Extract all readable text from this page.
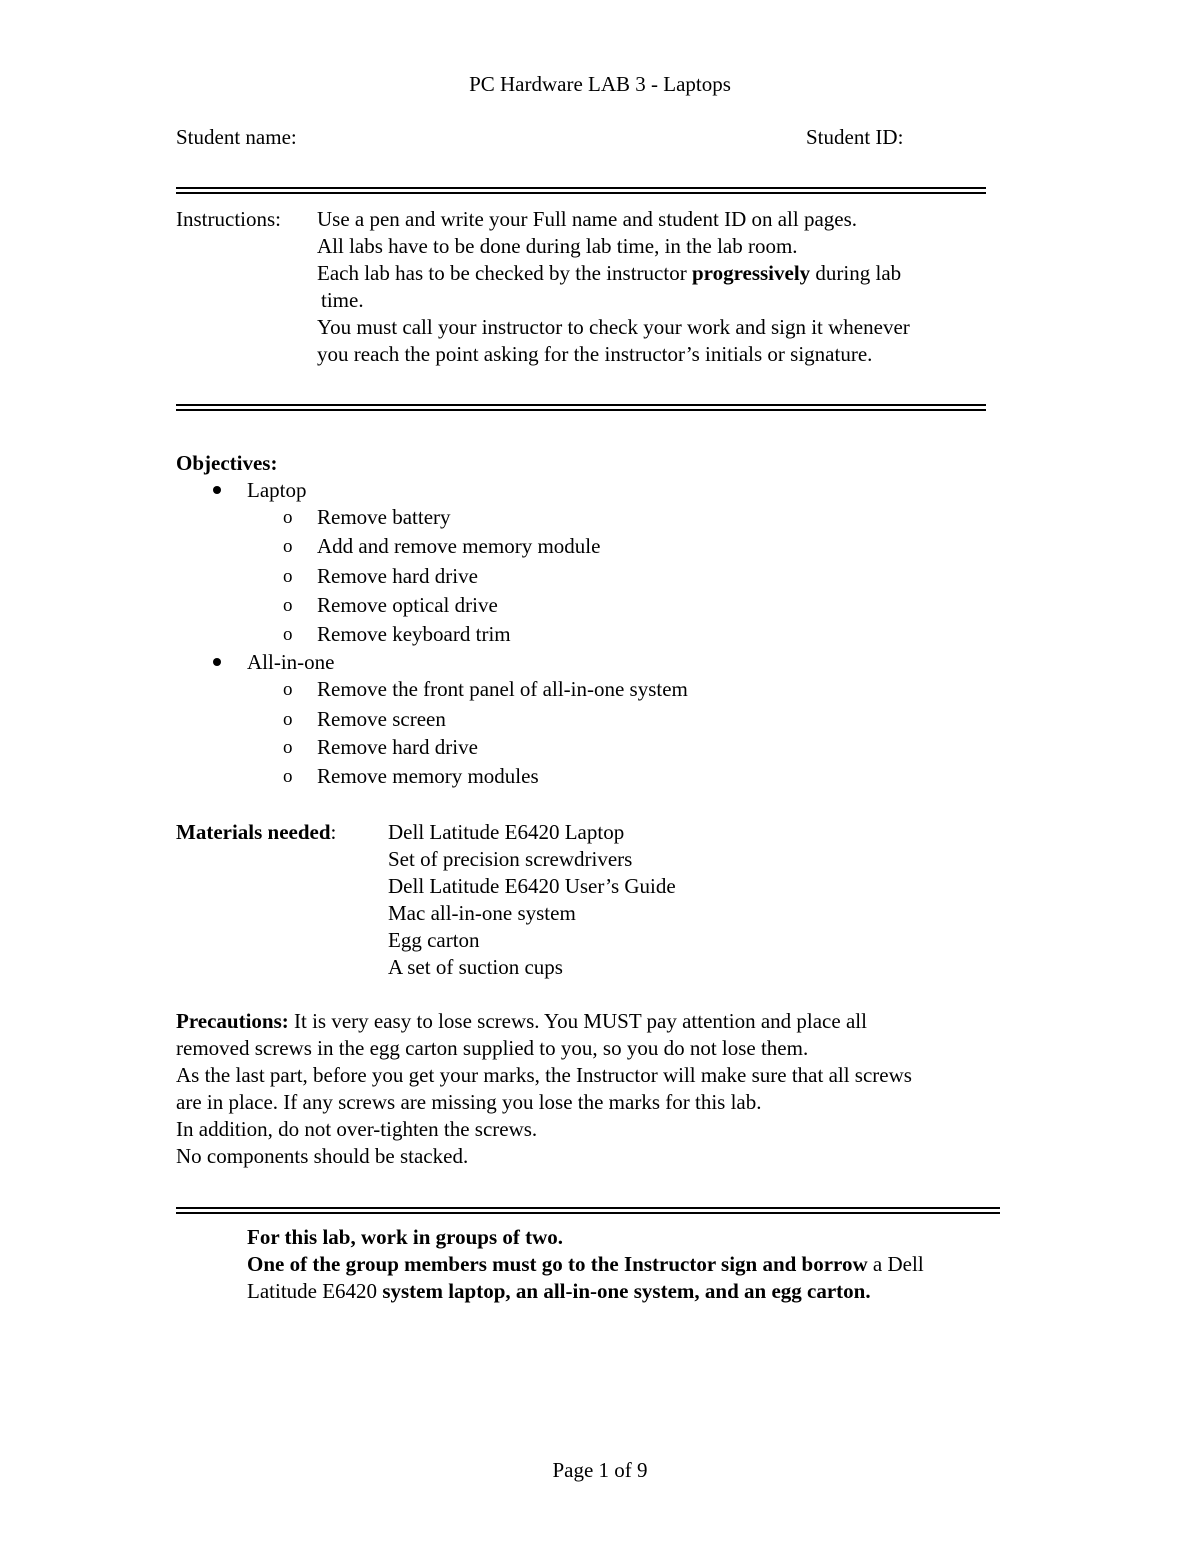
PC Hardware LAB 3 - Laptops
Student name:	Student ID:
Instructions: Use a pen and write your Full name and student ID on all pages.
All labs have to be done during lab time, in the lab room.
Each lab has to be checked by the instructor progressively during lab
time.
You must call your instructor to check your work and sign it whenever
you reach the point asking for the instructor’s initials or signature.
Objectives:
Laptop
o Remove battery
o Add and remove memory module
o Remove hard drive
o Remove optical drive
o Remove keyboard trim
All-in-one
o Remove the front panel of all-in-one system
o Remove screen
o Remove hard drive
o Remove memory modules
Materials needed: Dell Latitude E6420 Laptop
Set of precision screwdrivers
Dell Latitude E6420 User’s Guide
Mac all-in-one system
Egg carton
A set of suction cups
Precautions: It is very easy to lose screws. You MUST pay attention and place all
removed screws in the egg carton supplied to you, so you do not lose them.
As the last part, before you get your marks, the Instructor will make sure that all screws
are in place. If any screws are missing you lose the marks for this lab.
In addition, do not over-tighten the screws.
No components should be stacked.
For this lab, work in groups of two.
One of the group members must go to the Instructor sign and borrow a Dell
Latitude E6420 system laptop, an all-in-one system, and an egg carton.
Page 1 of 9
